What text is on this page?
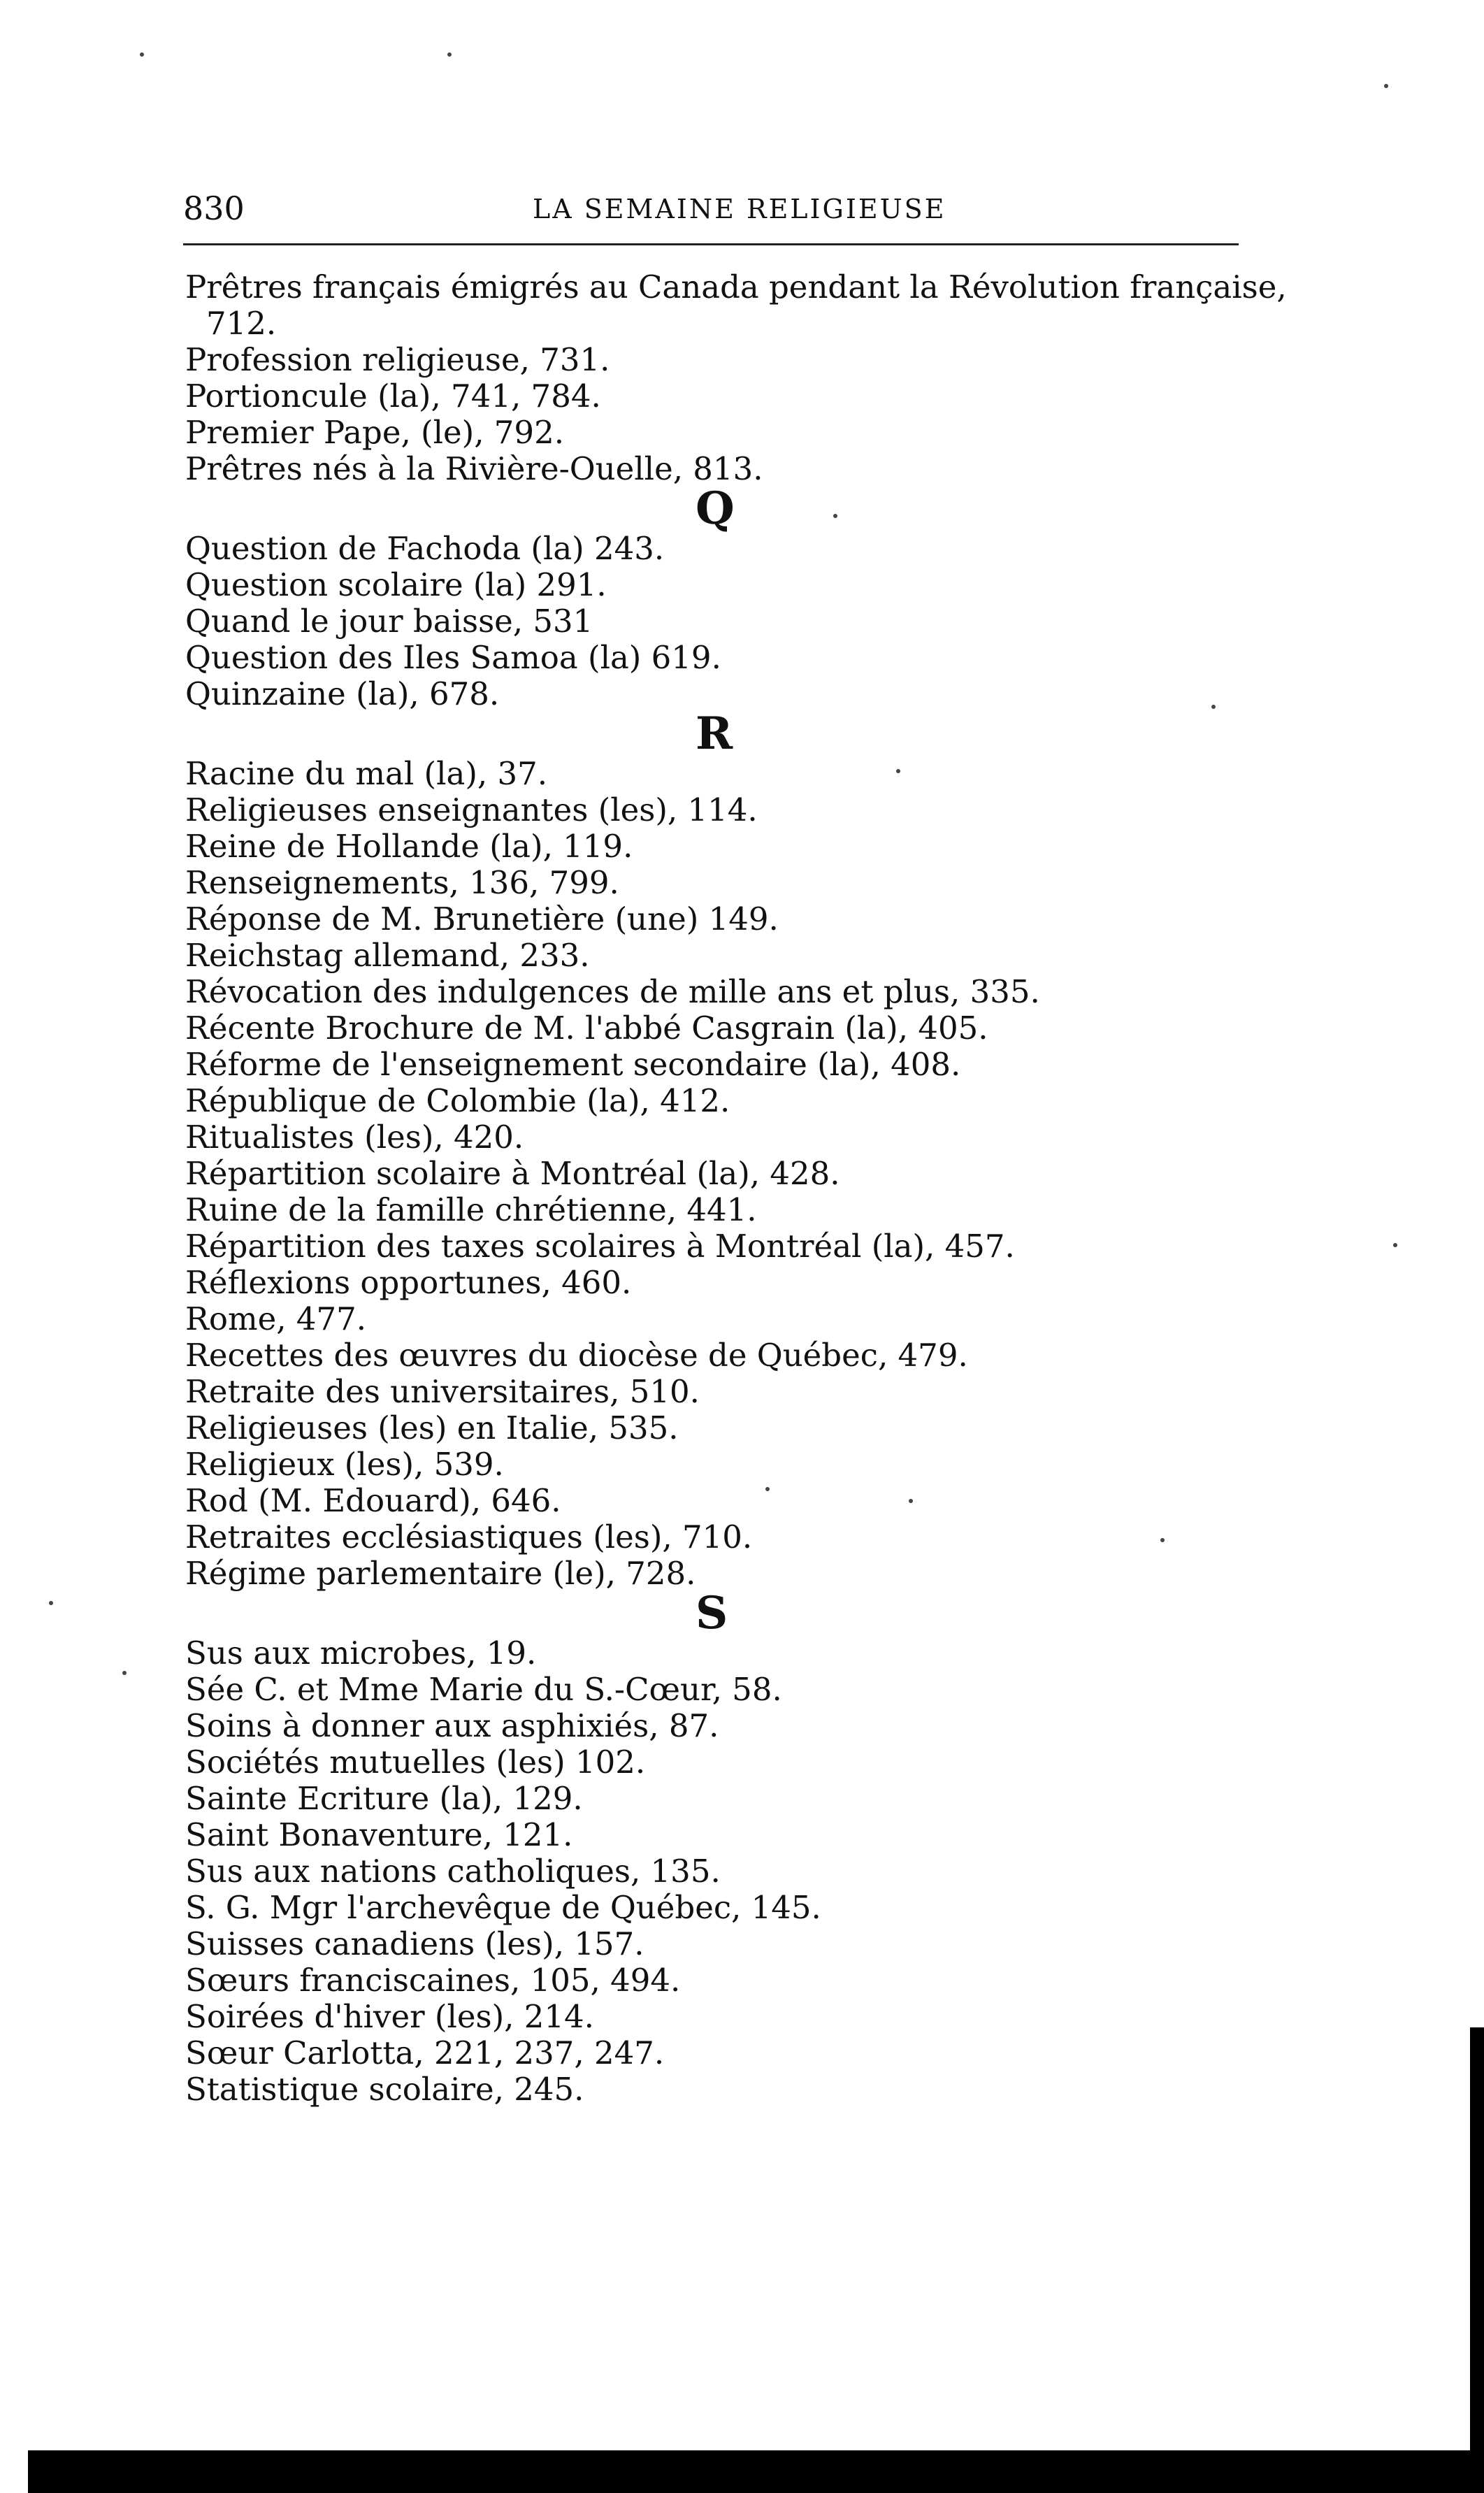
830	LA SEMAINE RELIGIEUSE
Prêtres français émigrés au Canada pendant la Révolution française,
712.
Profession religieuse, 731.
Portioncule (la), 741, 784.
Premier Pape, (le), 792.
Prêtres nés à la Rivière-Ouelle, 813.
Q
Question de Fachoda (la) 243.
Question scolaire (la) 291.
Quand le jour baisse, 531
Question des Iles Samoa (la) 619.
Quinzaine (la), 678.
R
Racine du mal (la), 37.
Religieuses enseignantes (les), 114.
Reine de Hollande (la), 119.
Renseignements, 136, 799.
Réponse de M. Brunetière (une) 149.
Reichstag allemand, 233.
Révocation des indulgences de mille ans et plus, 335.
Récente Brochure de M. l'abbé Casgrain (la), 405.
Réforme de l'enseignement secondaire (la), 408.
République de Colombie (la), 412.
Ritualistes (les), 420.
Répartition scolaire à Montréal (la), 428.
Ruine de la famille chrétienne, 441.
Répartition des taxes scolaires à Montréal (la), 457.
Réflexions opportunes, 460.
Rome, 477.
Recettes des œuvres du diocèse de Québec, 479.
Retraite des universitaires, 510.
Religieuses (les) en Italie, 535.
Religieux (les), 539.
Rod (M. Edouard), 646.
Retraites ecclésiastiques (les), 710.
Régime parlementaire (le), 728.
S
Sus aux microbes, 19.
Sée C. et Mme Marie du S.-Cœur, 58.
Soins à donner aux asphixiés, 87.
Sociétés mutuelles (les) 102.
Sainte Ecriture (la), 129.
Saint Bonaventure, 121.
Sus aux nations catholiques, 135.
S. G. Mgr l'archevêque de Québec, 145.
Suisses canadiens (les), 157.
Sœurs franciscaines, 105, 494.
Soirées d'hiver (les), 214.
Sœur Carlotta, 221, 237, 247.
Statistique scolaire, 245.
